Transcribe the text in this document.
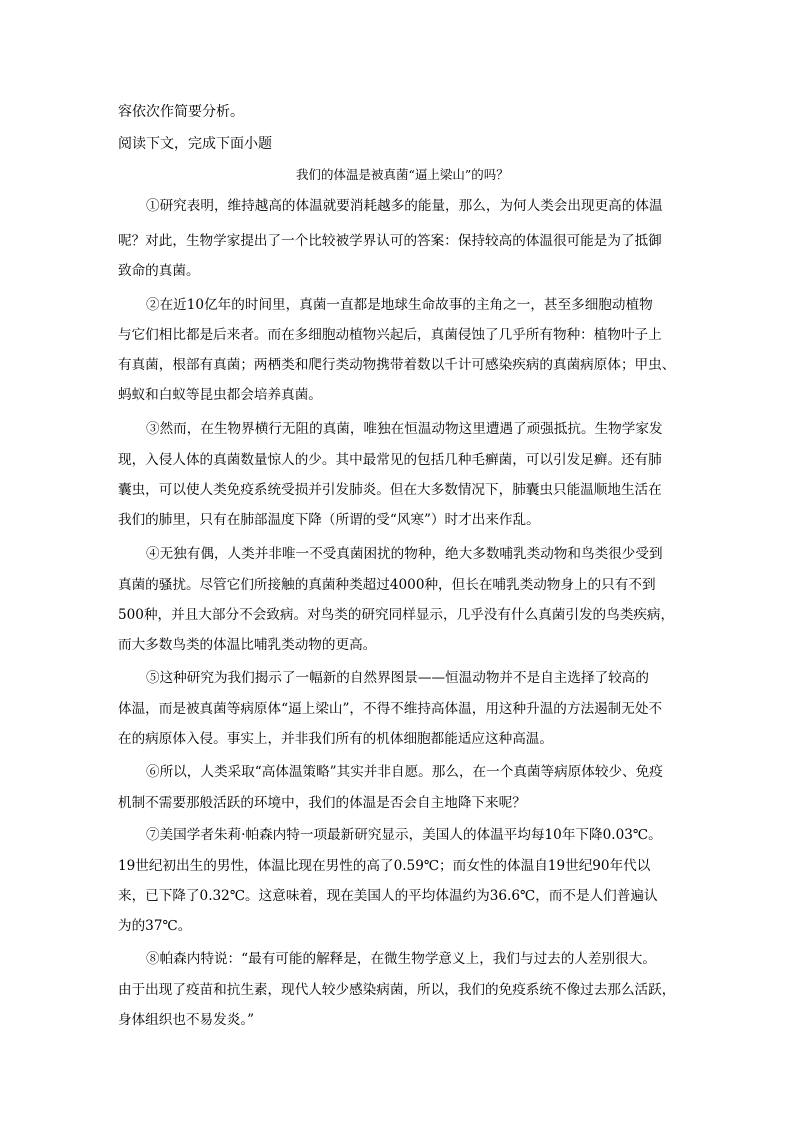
容依次作简要分析。
阅读下文，完成下面小题
我们的体温是被真菌“逼上梁山”的吗？
①研究表明，维持越高的体温就要消耗越多的能量，那么，为何人类会出现更高的体温
呢？对此，生物学家提出了一个比较被学界认可的答案：保持较高的体温很可能是为了抵御
致命的真菌。
②在近10亿年的时间里，真菌一直都是地球生命故事的主角之一，甚至多细胞动植物
与它们相比都是后来者。而在多细胞动植物兴起后，真菌侵蚀了几乎所有物种：植物叶子上
有真菌，根部有真菌；两栖类和爬行类动物携带着数以千计可感染疾病的真菌病原体；甲虫、
蚂蚁和白蚁等昆虫都会培养真菌。
③然而，在生物界横行无阻的真菌，唯独在恒温动物这里遭遇了顽强抵抗。生物学家发
现，入侵人体的真菌数量惊人的少。其中最常见的包括几种毛癣菌，可以引发足癣。还有肺
囊虫，可以使人类免疫系统受损并引发肺炎。但在大多数情况下，肺囊虫只能温顺地生活在
我们的肺里，只有在肺部温度下降（所谓的受“风寒”）时才出来作乱。
④无独有偶，人类并非唯一不受真菌困扰的物种，绝大多数哺乳类动物和鸟类很少受到
真菌的骚扰。尽管它们所接触的真菌种类超过4000种，但长在哺乳类动物身上的只有不到
500种，并且大部分不会致病。对鸟类的研究同样显示，几乎没有什么真菌引发的鸟类疾病，
而大多数鸟类的体温比哺乳类动物的更高。
⑤这种研究为我们揭示了一幅新的自然界图景——恒温动物并不是自主选择了较高的
体温，而是被真菌等病原体“逼上梁山”，不得不维持高体温，用这种升温的方法遏制无处不
在的病原体入侵。事实上，并非我们所有的机体细胞都能适应这种高温。
⑥所以，人类采取“高体温策略”其实并非自愿。那么，在一个真菌等病原体较少、免疫
机制不需要那般活跃的环境中，我们的体温是否会自主地降下来呢？
⑦美国学者朱莉·帕森内特一项最新研究显示，美国人的体温平均每10年下降0.03℃。
19世纪初出生的男性，体温比现在男性的高了0.59℃；而女性的体温自19世纪90年代以
来，已下降了0.32℃。这意味着，现在美国人的平均体温约为36.6℃，而不是人们普遍认
为的37℃。
⑧帕森内特说：“最有可能的解释是，在微生物学意义上，我们与过去的人差别很大。
由于出现了疫苗和抗生素，现代人较少感染病菌，所以，我们的免疫系统不像过去那么活跃，
身体组织也不易发炎。”
